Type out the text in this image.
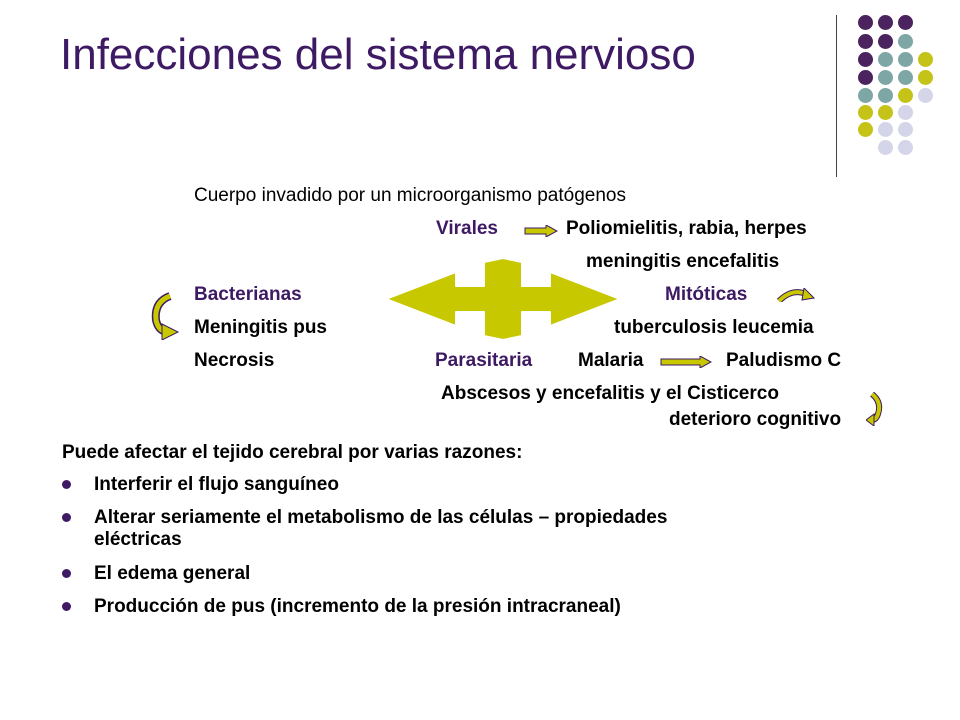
Infecciones del sistema nervioso
Cuerpo invadido por un microorganismo patógenos
Virales	Poliomielitis, rabia, herpes
meningitis encefalitis
Bacterianas	Mitóticas
Meningitis pus	tuberculosis leucemia
Necrosis	Parasitaria Malaria	Paludismo C
Abscesos y encefalitis y el Cisticerco
deterioro cognitivo
Puede afectar el tejido cerebral por varias razones:
Interferir el flujo sanguíneo
Alterar seriamente el metabolismo de las células – propiedades
eléctricas
El edema general
Producción de pus (incremento de la presión intracraneal)
